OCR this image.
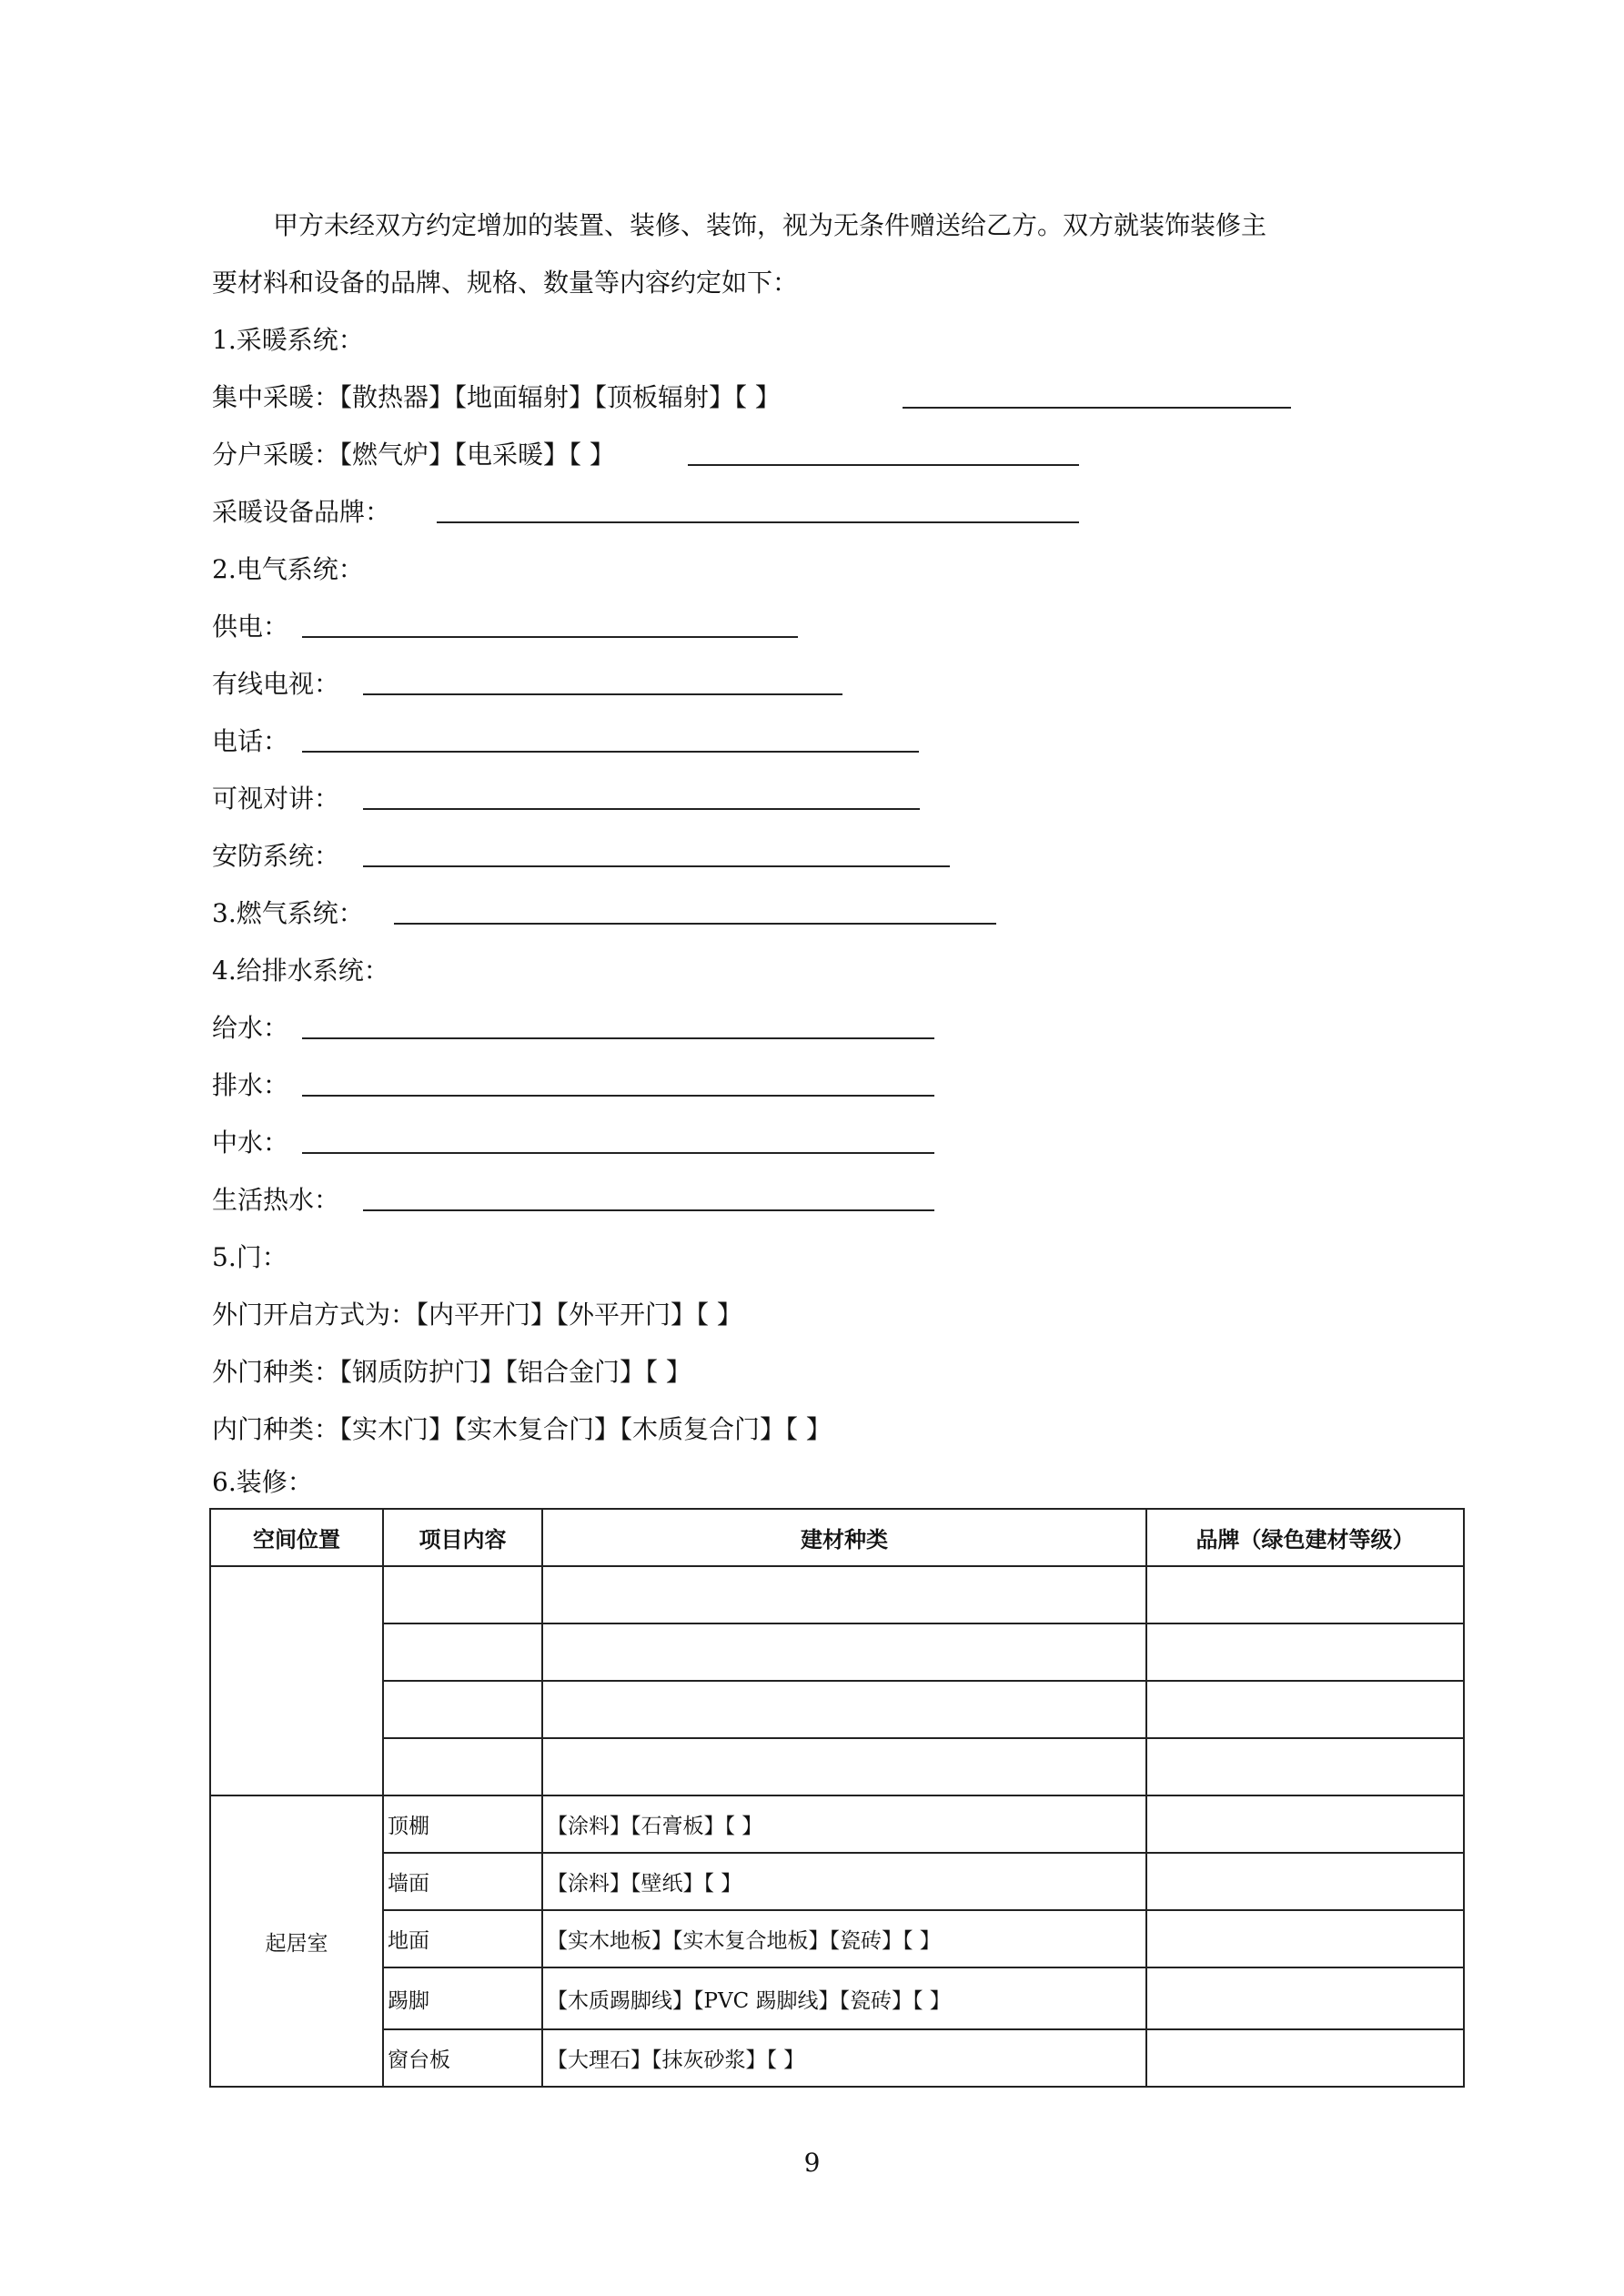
甲方未经双方约定增加的装置、装修、装饰，视为无条件赠送给乙方。双方就装饰装修主
要材料和设备的品牌、规格、数量等内容约定如下：
1.采暖系统：
集中采暖：【散热器】【地面辐射】【顶板辐射】【 】
分户采暖：【燃气炉】【电采暖】【 】
采暖设备品牌：
2.电气系统：
供电：
有线电视：
电话：
可视对讲：
安防系统：
3.燃气系统：
4.给排水系统：
给水：
排水：
中水：
生活热水：
5.门：
外门开启方式为：【内平开门】【外平开门】【 】
外门种类：【钢质防护门】【铝合金门】【 】
内门种类：【实木门】【实木复合门】【木质复合门】【 】
6.装修：
空间位置	项目内容	建材种类	品牌（绿色建材等级）

起居室	顶棚	【涂料】【石膏板】【 】	
	墙面	【涂料】【壁纸】【 】	
	地面	【实木地板】【实木复合地板】【瓷砖】【 】	
	踢脚	【木质踢脚线】【PVC 踢脚线】【瓷砖】【 】	
	窗台板	【大理石】【抹灰砂浆】【 】	
9
